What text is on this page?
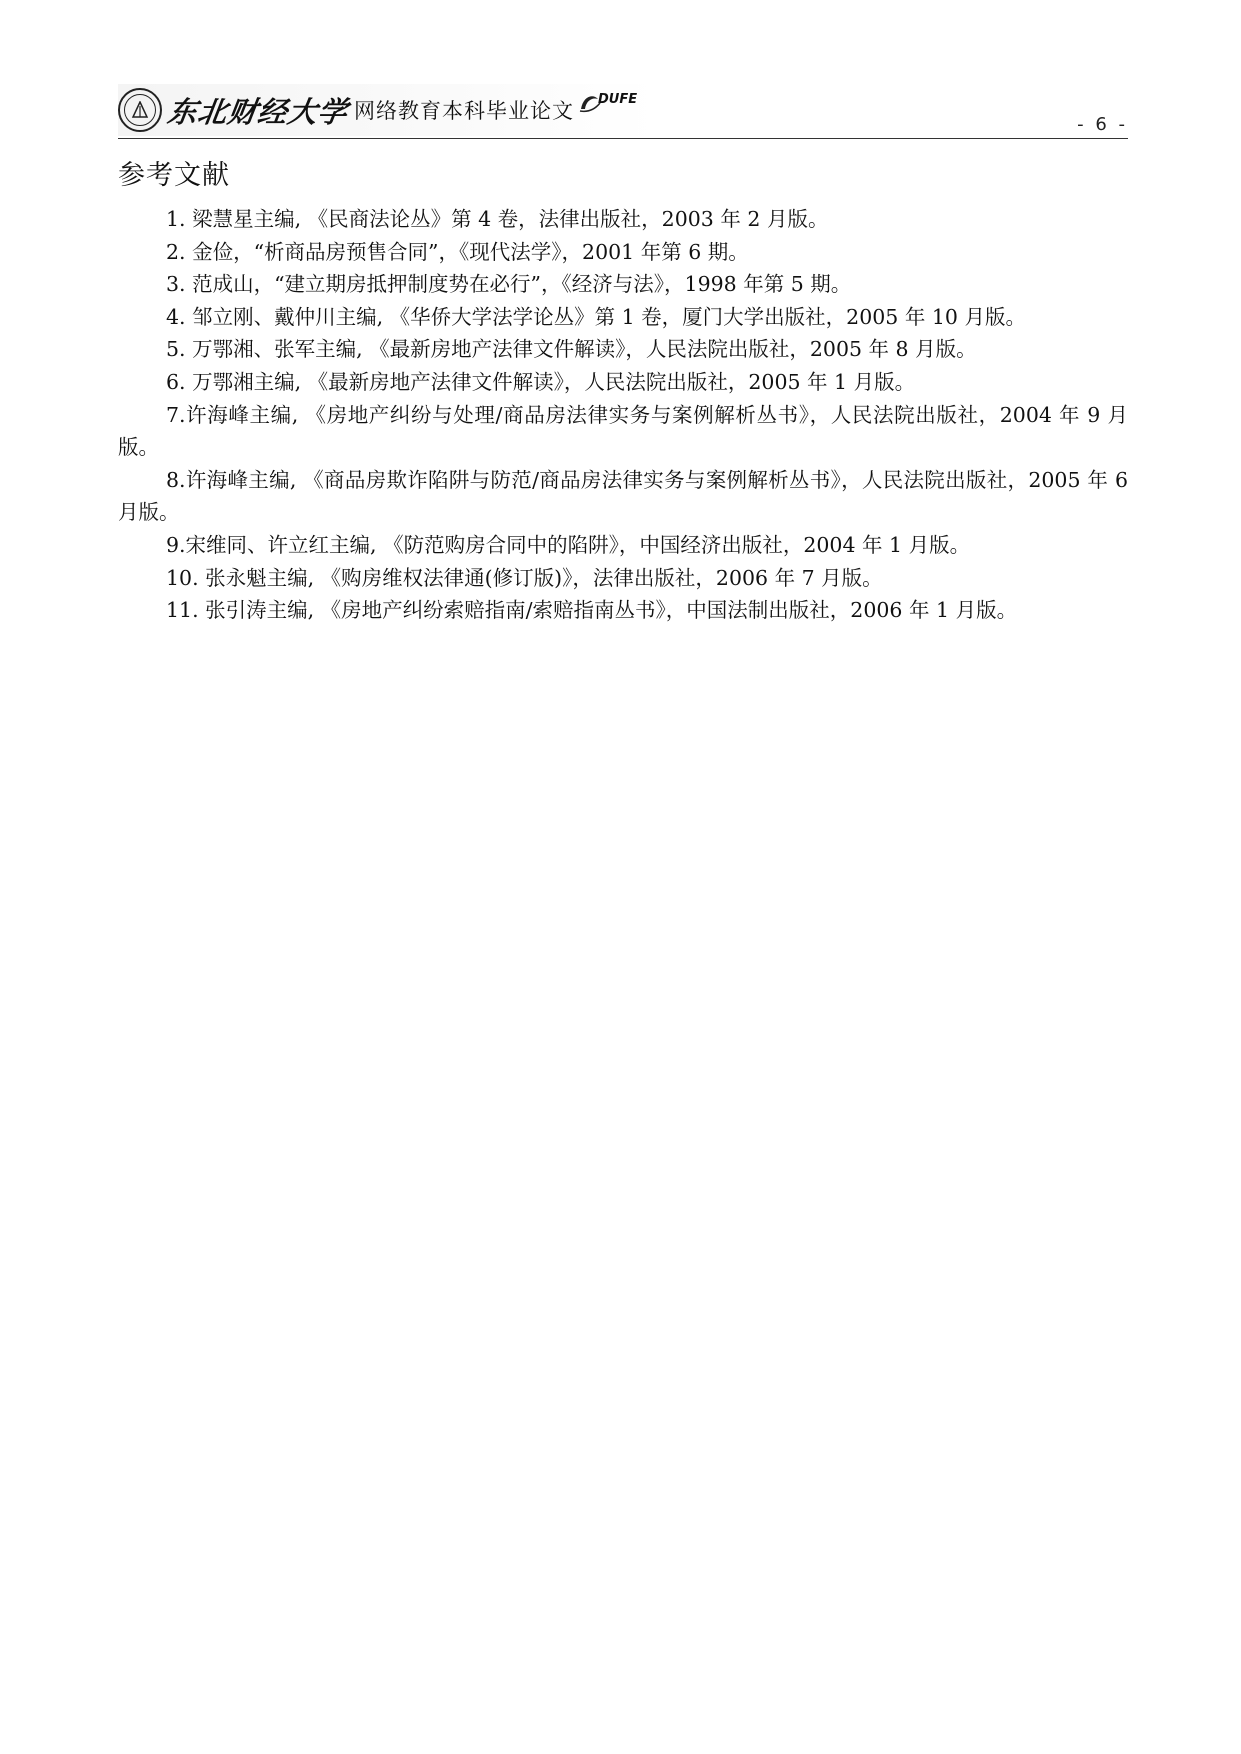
东北财经大学 网络教育本科毕业论文 DUFE
- 6 -
参考文献
1. 梁慧星主编, 《民商法论丛》第 4 卷，法律出版社，2003 年 2 月版。
2. 金俭，“析商品房预售合同”，《现代法学》，2001 年第 6 期。
3. 范成山，“建立期房抵押制度势在必行”，《经济与法》，1998 年第 5 期。
4. 邹立刚、戴仲川主编, 《华侨大学法学论丛》第 1 卷，厦门大学出版社，2005 年 10 月版。
5. 万鄂湘、张军主编, 《最新房地产法律文件解读》，人民法院出版社，2005 年 8 月版。
6. 万鄂湘主编, 《最新房地产法律文件解读》，人民法院出版社，2005 年 1 月版。
7.许海峰主编, 《房地产纠纷与处理/商品房法律实务与案例解析丛书》，人民法院出版社，2004 年 9 月版。
8.许海峰主编, 《商品房欺诈陷阱与防范/商品房法律实务与案例解析丛书》，人民法院出版社，2005 年 6 月版。
9.宋维同、许立红主编, 《防范购房合同中的陷阱》，中国经济出版社，2004 年 1 月版。
10. 张永魁主编, 《购房维权法律通(修订版)》，法律出版社，2006 年 7 月版。
11. 张引涛主编, 《房地产纠纷索赔指南/索赔指南丛书》，中国法制出版社，2006 年 1 月版。
